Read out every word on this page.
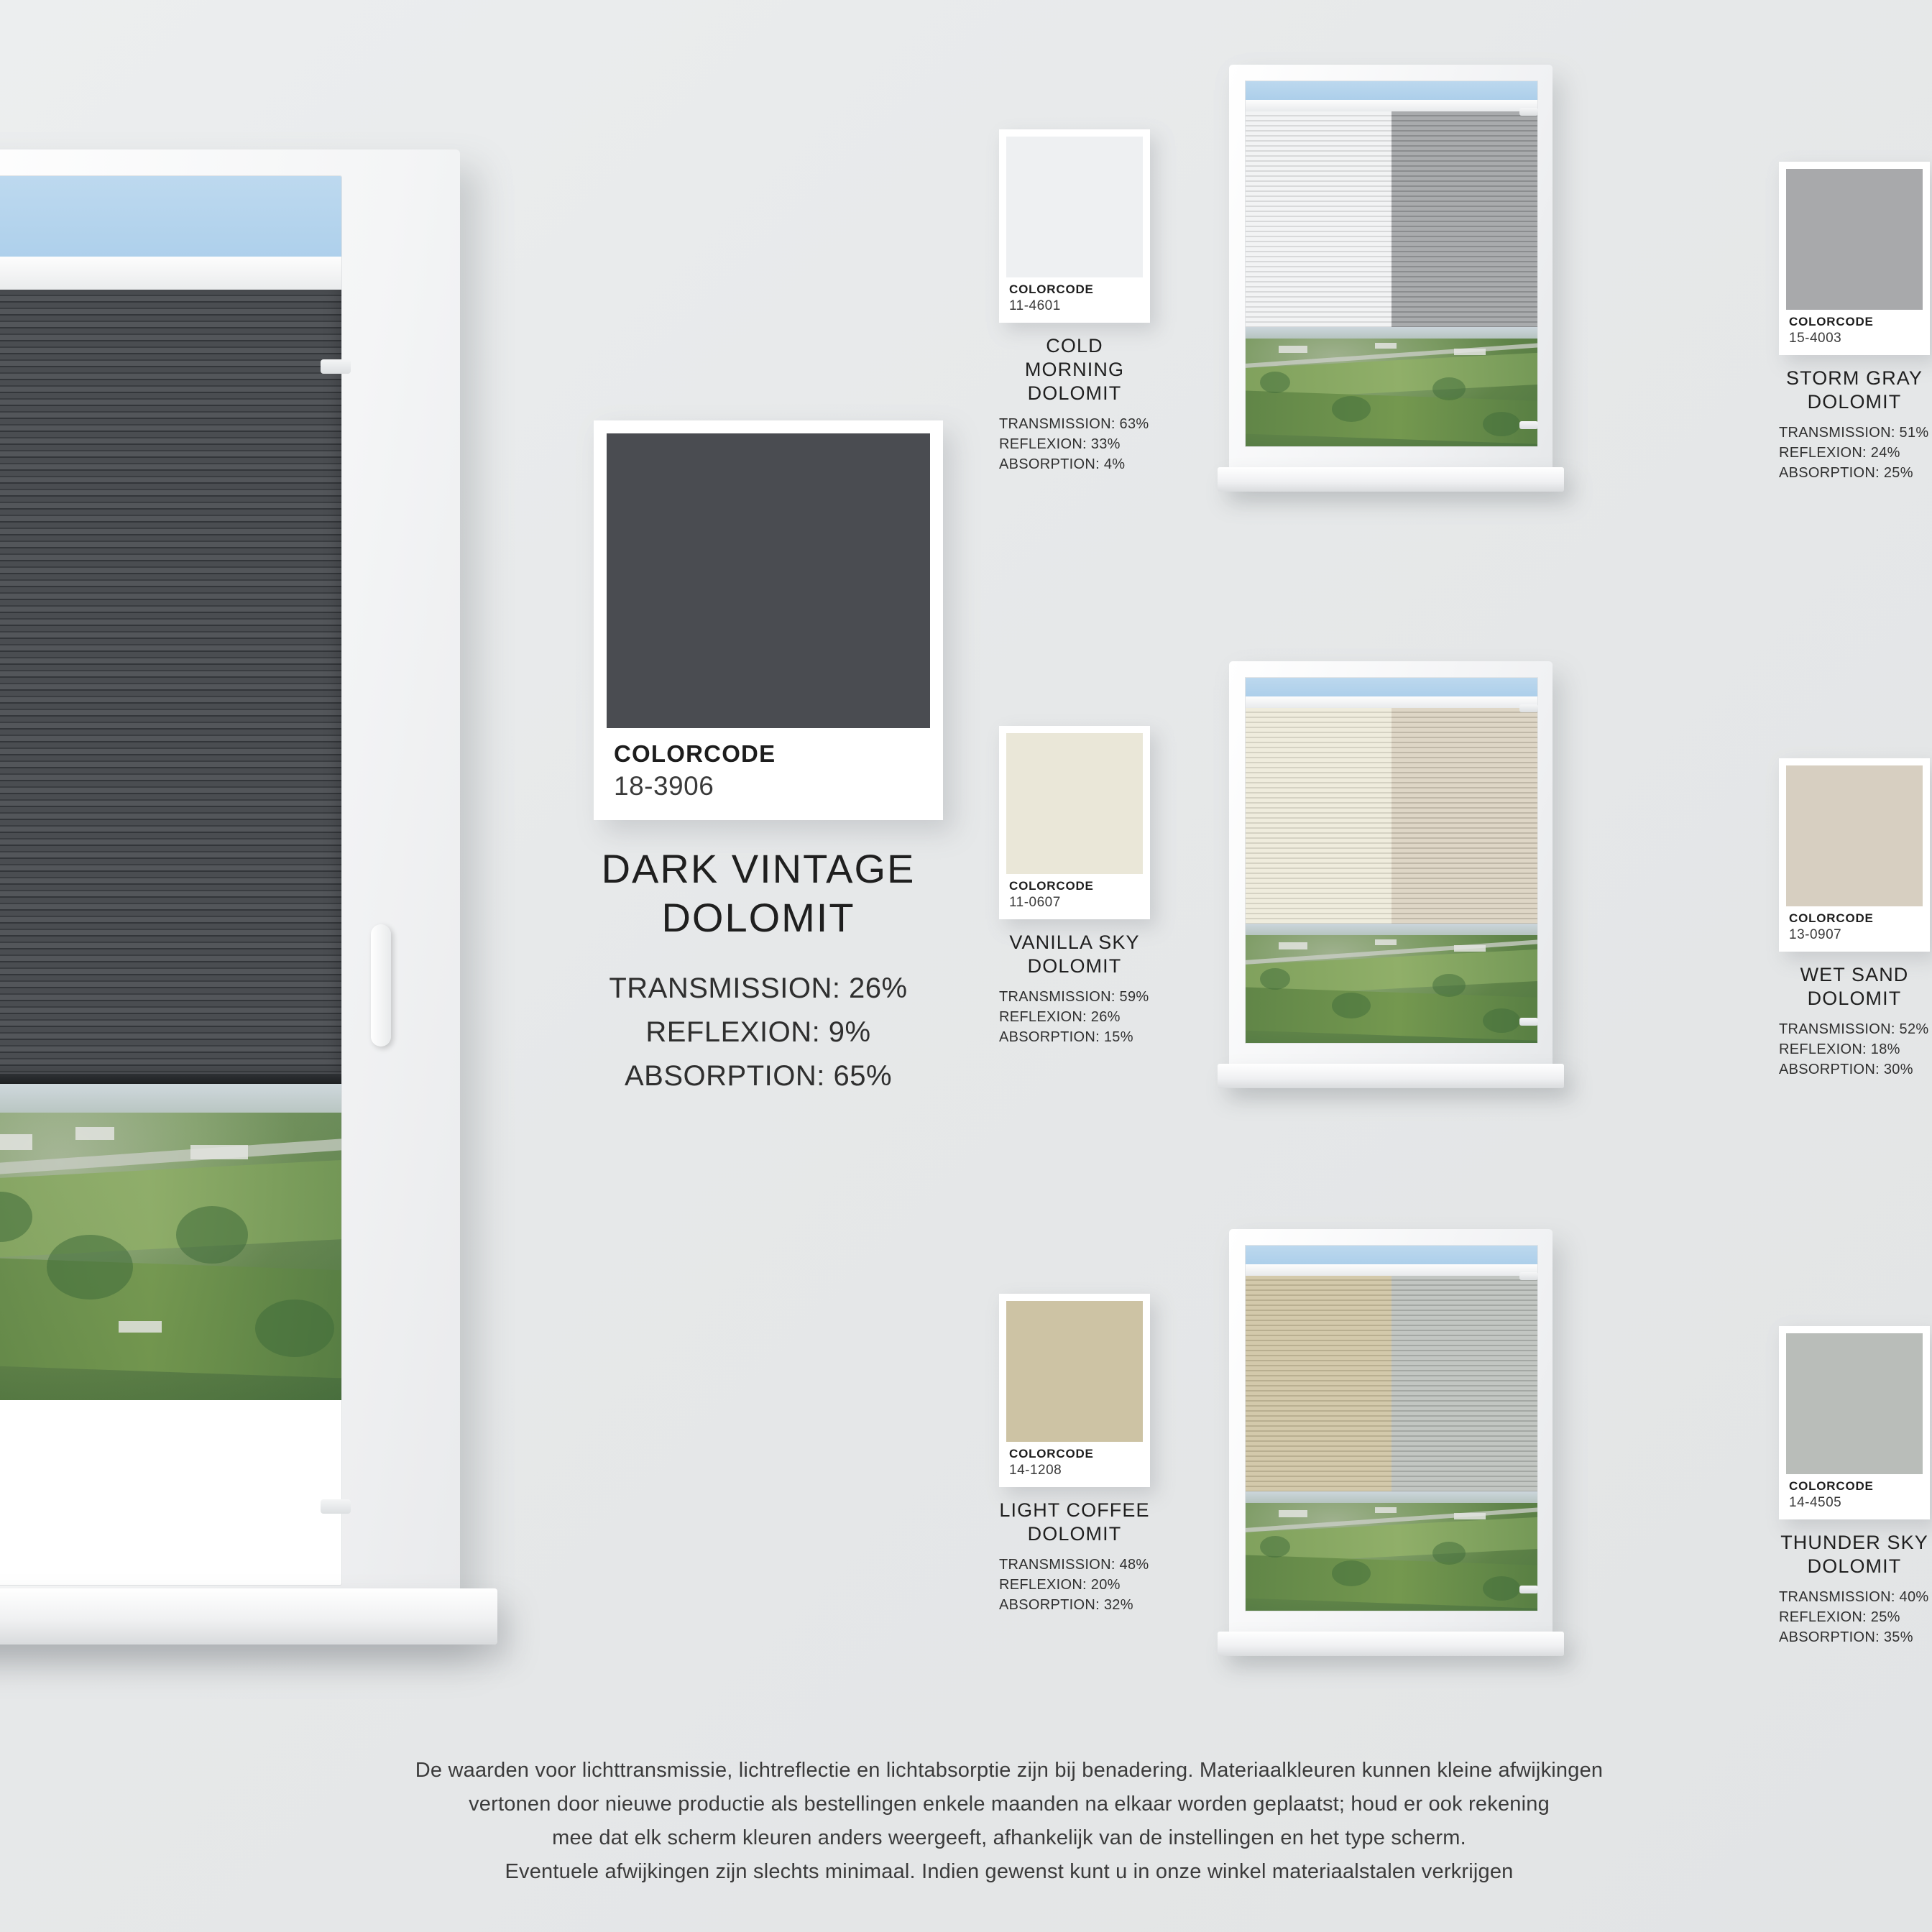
COLORCODE
18-3906
DARK VINTAGE
DOLOMIT
TRANSMISSION: 26%
REFLEXION: 9%
ABSORPTION: 65%
COLORCODE
11-4601
COLD MORNING
DOLOMIT
TRANSMISSION: 63%
REFLEXION: 33%
ABSORPTION: 4%
COLORCODE
15-4003
STORM GRAY
DOLOMIT
TRANSMISSION: 51%
REFLEXION: 24%
ABSORPTION: 25%
COLORCODE
11-0607
VANILLA SKY
DOLOMIT
TRANSMISSION: 59%
REFLEXION: 26%
ABSORPTION: 15%
COLORCODE
13-0907
WET SAND
DOLOMIT
TRANSMISSION: 52%
REFLEXION: 18%
ABSORPTION: 30%
COLORCODE
14-1208
LIGHT COFFEE
DOLOMIT
TRANSMISSION: 48%
REFLEXION: 20%
ABSORPTION: 32%
COLORCODE
14-4505
THUNDER SKY
DOLOMIT
TRANSMISSION: 40%
REFLEXION: 25%
ABSORPTION: 35%

De waarden voor lichttransmissie, lichtreflectie en lichtabsorptie zijn bij benadering. Materiaalkleuren kunnen kleine afwijkingen

vertonen door nieuwe productie als bestellingen enkele maanden na elkaar worden geplaatst; houd er ook rekening

mee dat elk scherm kleuren anders weergeeft, afhankelijk van de instellingen en het type scherm.

Eventuele afwijkingen zijn slechts minimaal. Indien gewenst kunt u in onze winkel materiaalstalen verkrijgen
